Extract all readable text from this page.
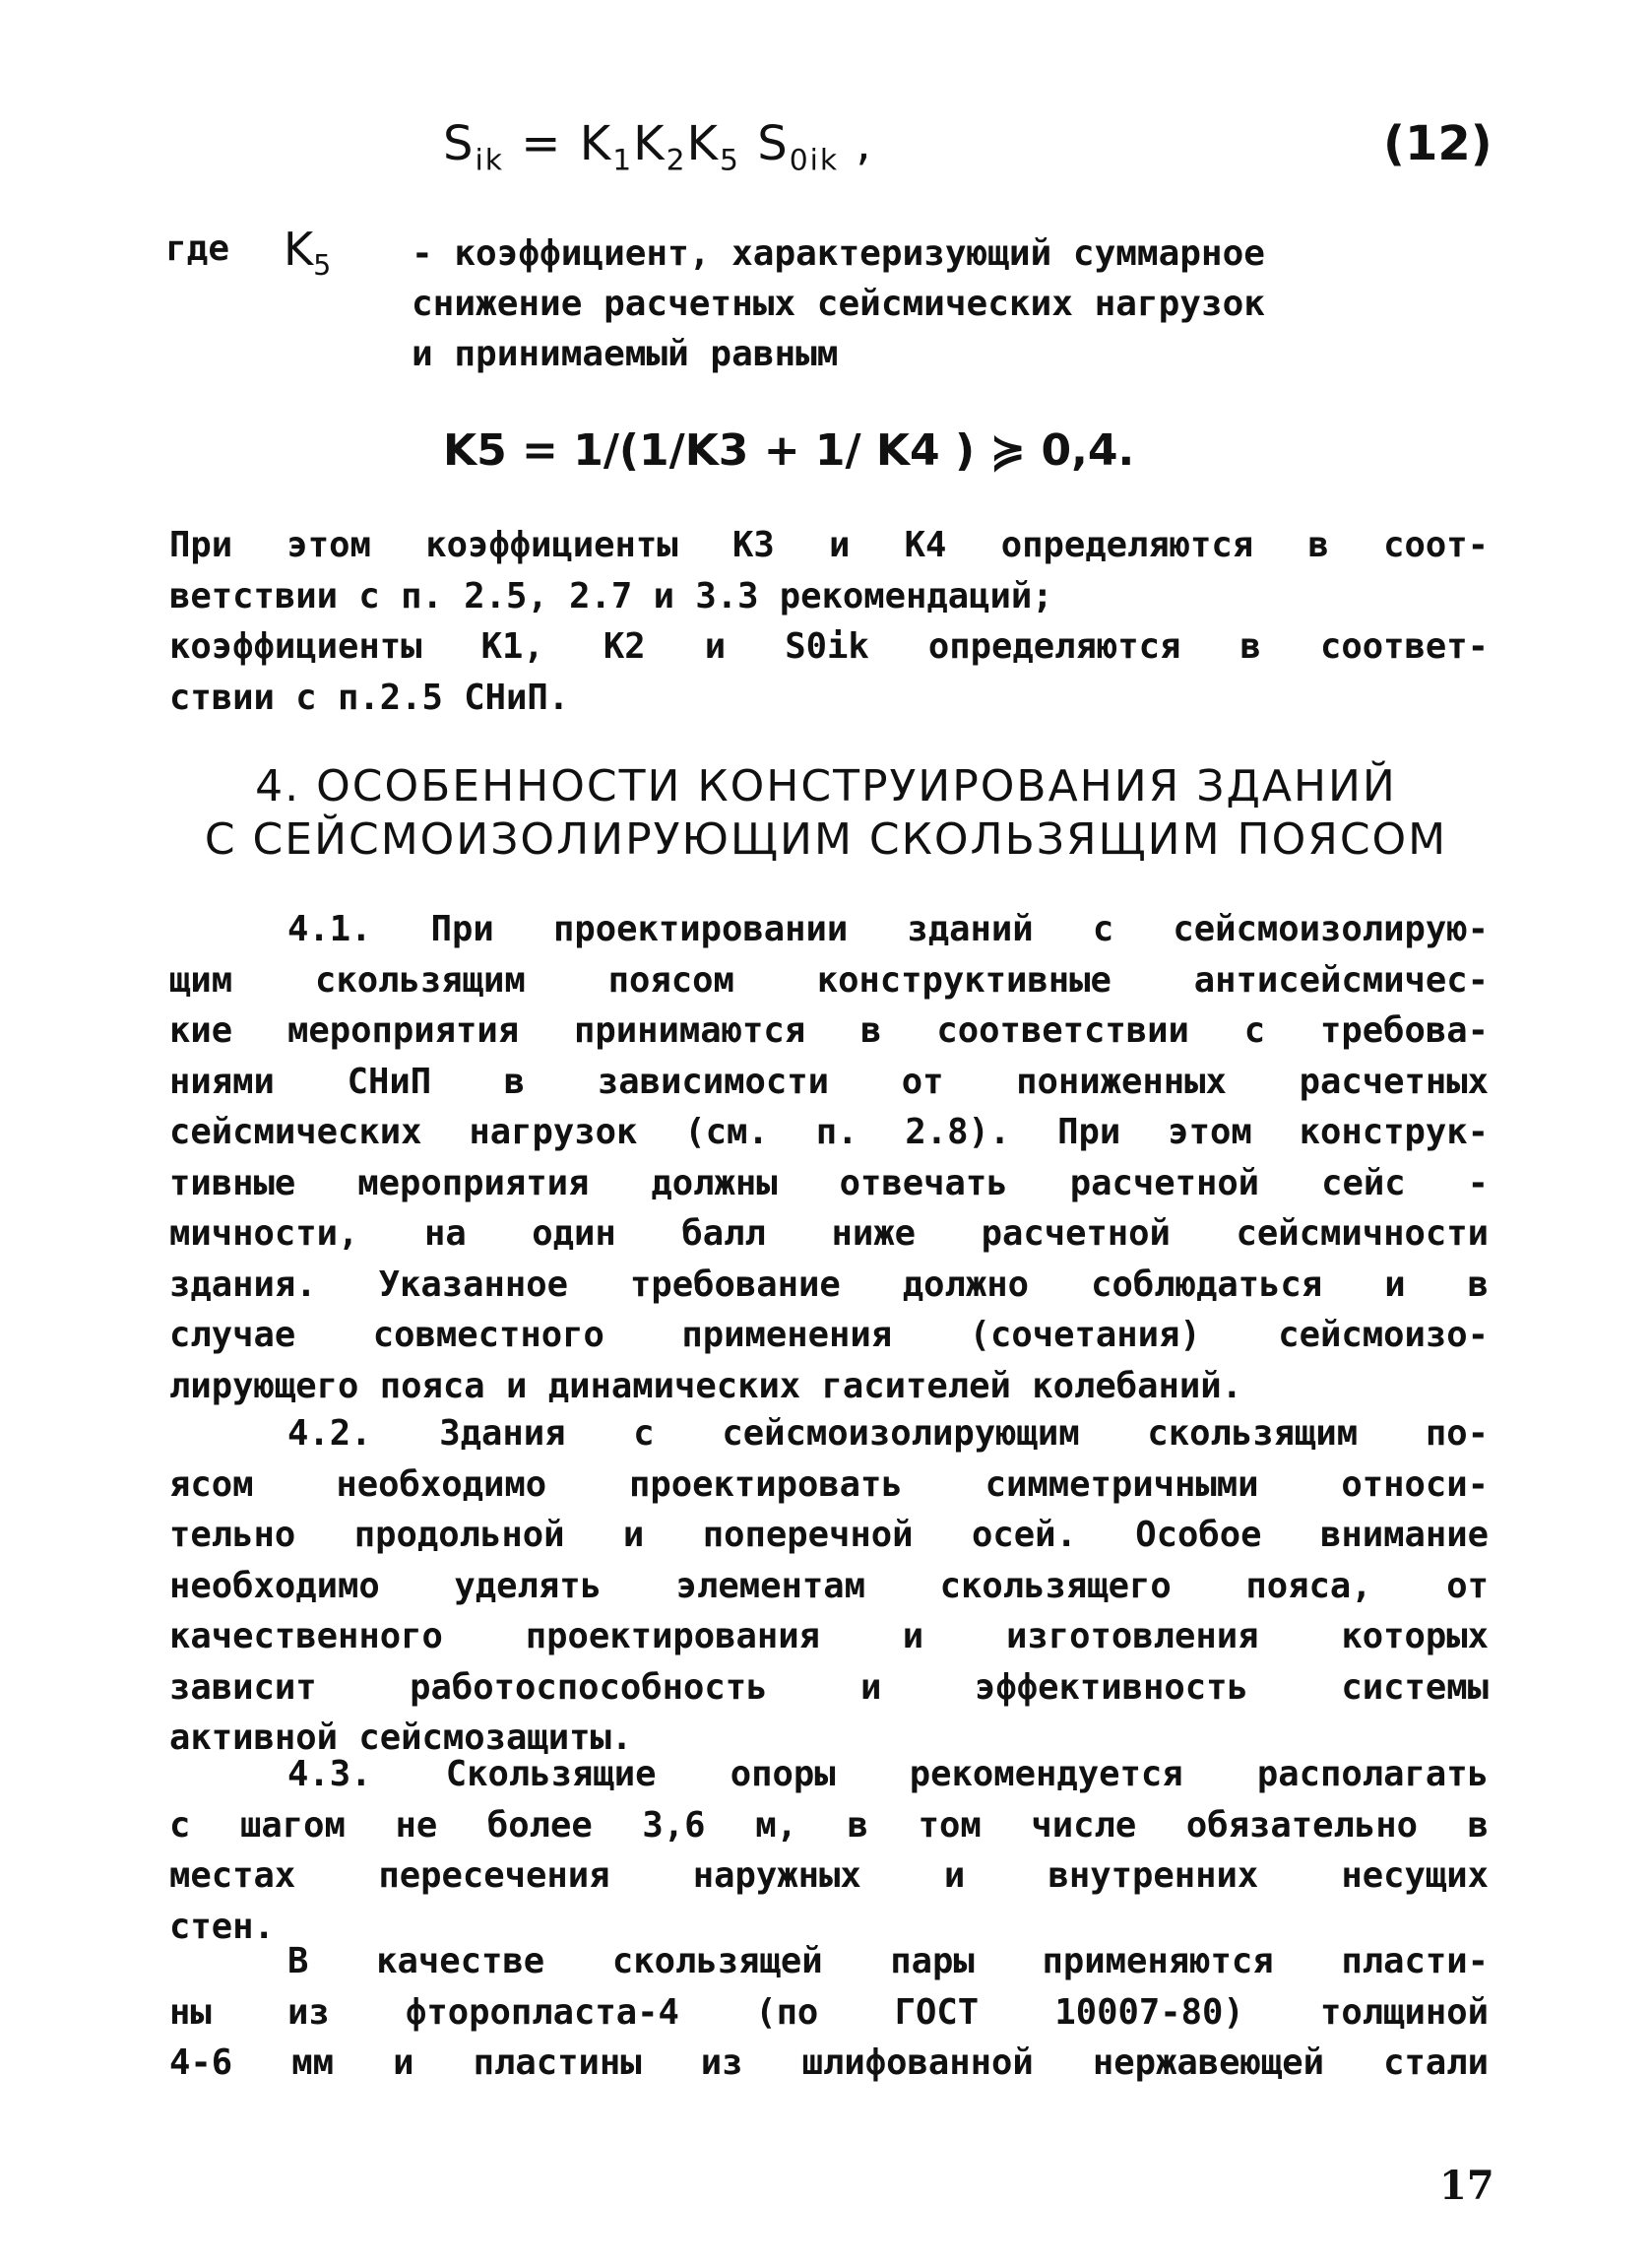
$S_{ik} = K_1K_2K_5$ $S_{0ik}$ ,	(12)
где $K_5$ - коэффициент, характеризующий суммарное
снижение расчетных сейсмических нагрузок
и принимаемый равным
K5 = 1/(1/K3 + 1/ K4 ) ≽ 0,4.
При этом коэффициенты K3 и K4 определяются в соот-
ветствии с п. 2.5, 2.7 и 3.3 рекомендаций;
коэффициенты K1, K2 и S0ik определяются в соответ-
ствии с п.2.5 СНиП.
4. ОСОБЕННОСТИ КОНСТРУИРОВАНИЯ ЗДАНИЙ
С СЕЙСМОИЗОЛИРУЮЩИМ СКОЛЬЗЯЩИМ ПОЯСОМ
4.1. При проектировании зданий с сейсмоизолирую-
щим скользящим поясом конструктивные антисейсмичес-
кие мероприятия принимаются в соответствии с требова-
ниями СНиП в зависимости от пониженных расчетных
сейсмических нагрузок (см. п. 2.8). При этом конструк-
тивные мероприятия должны отвечать расчетной сейс -
мичности, на один балл ниже расчетной сейсмичности
здания. Указанное требование должно соблюдаться и в
случае совместного применения (сочетания) сейсмоизо-
лирующего пояса и динамических гасителей колебаний.
4.2. Здания с сейсмоизолирующим скользящим по-
ясом необходимо проектировать симметричными относи-
тельно продольной и поперечной осей. Особое внимание
необходимо уделять элементам скользящего пояса, от
качественного проектирования и изготовления которых
зависит работоспособность и эффективность системы
активной сейсмозащиты.
4.3. Скользящие опоры рекомендуется располагать
с шагом не более 3,6 м, в том числе обязательно в
местах пересечения наружных и внутренних несущих
стен.
В качестве скользящей пары применяются пласти-
ны из фторопласта-4 (по ГОСТ 10007-80) толщиной
4-6 мм и пластины из шлифованной нержавеющей стали
17
